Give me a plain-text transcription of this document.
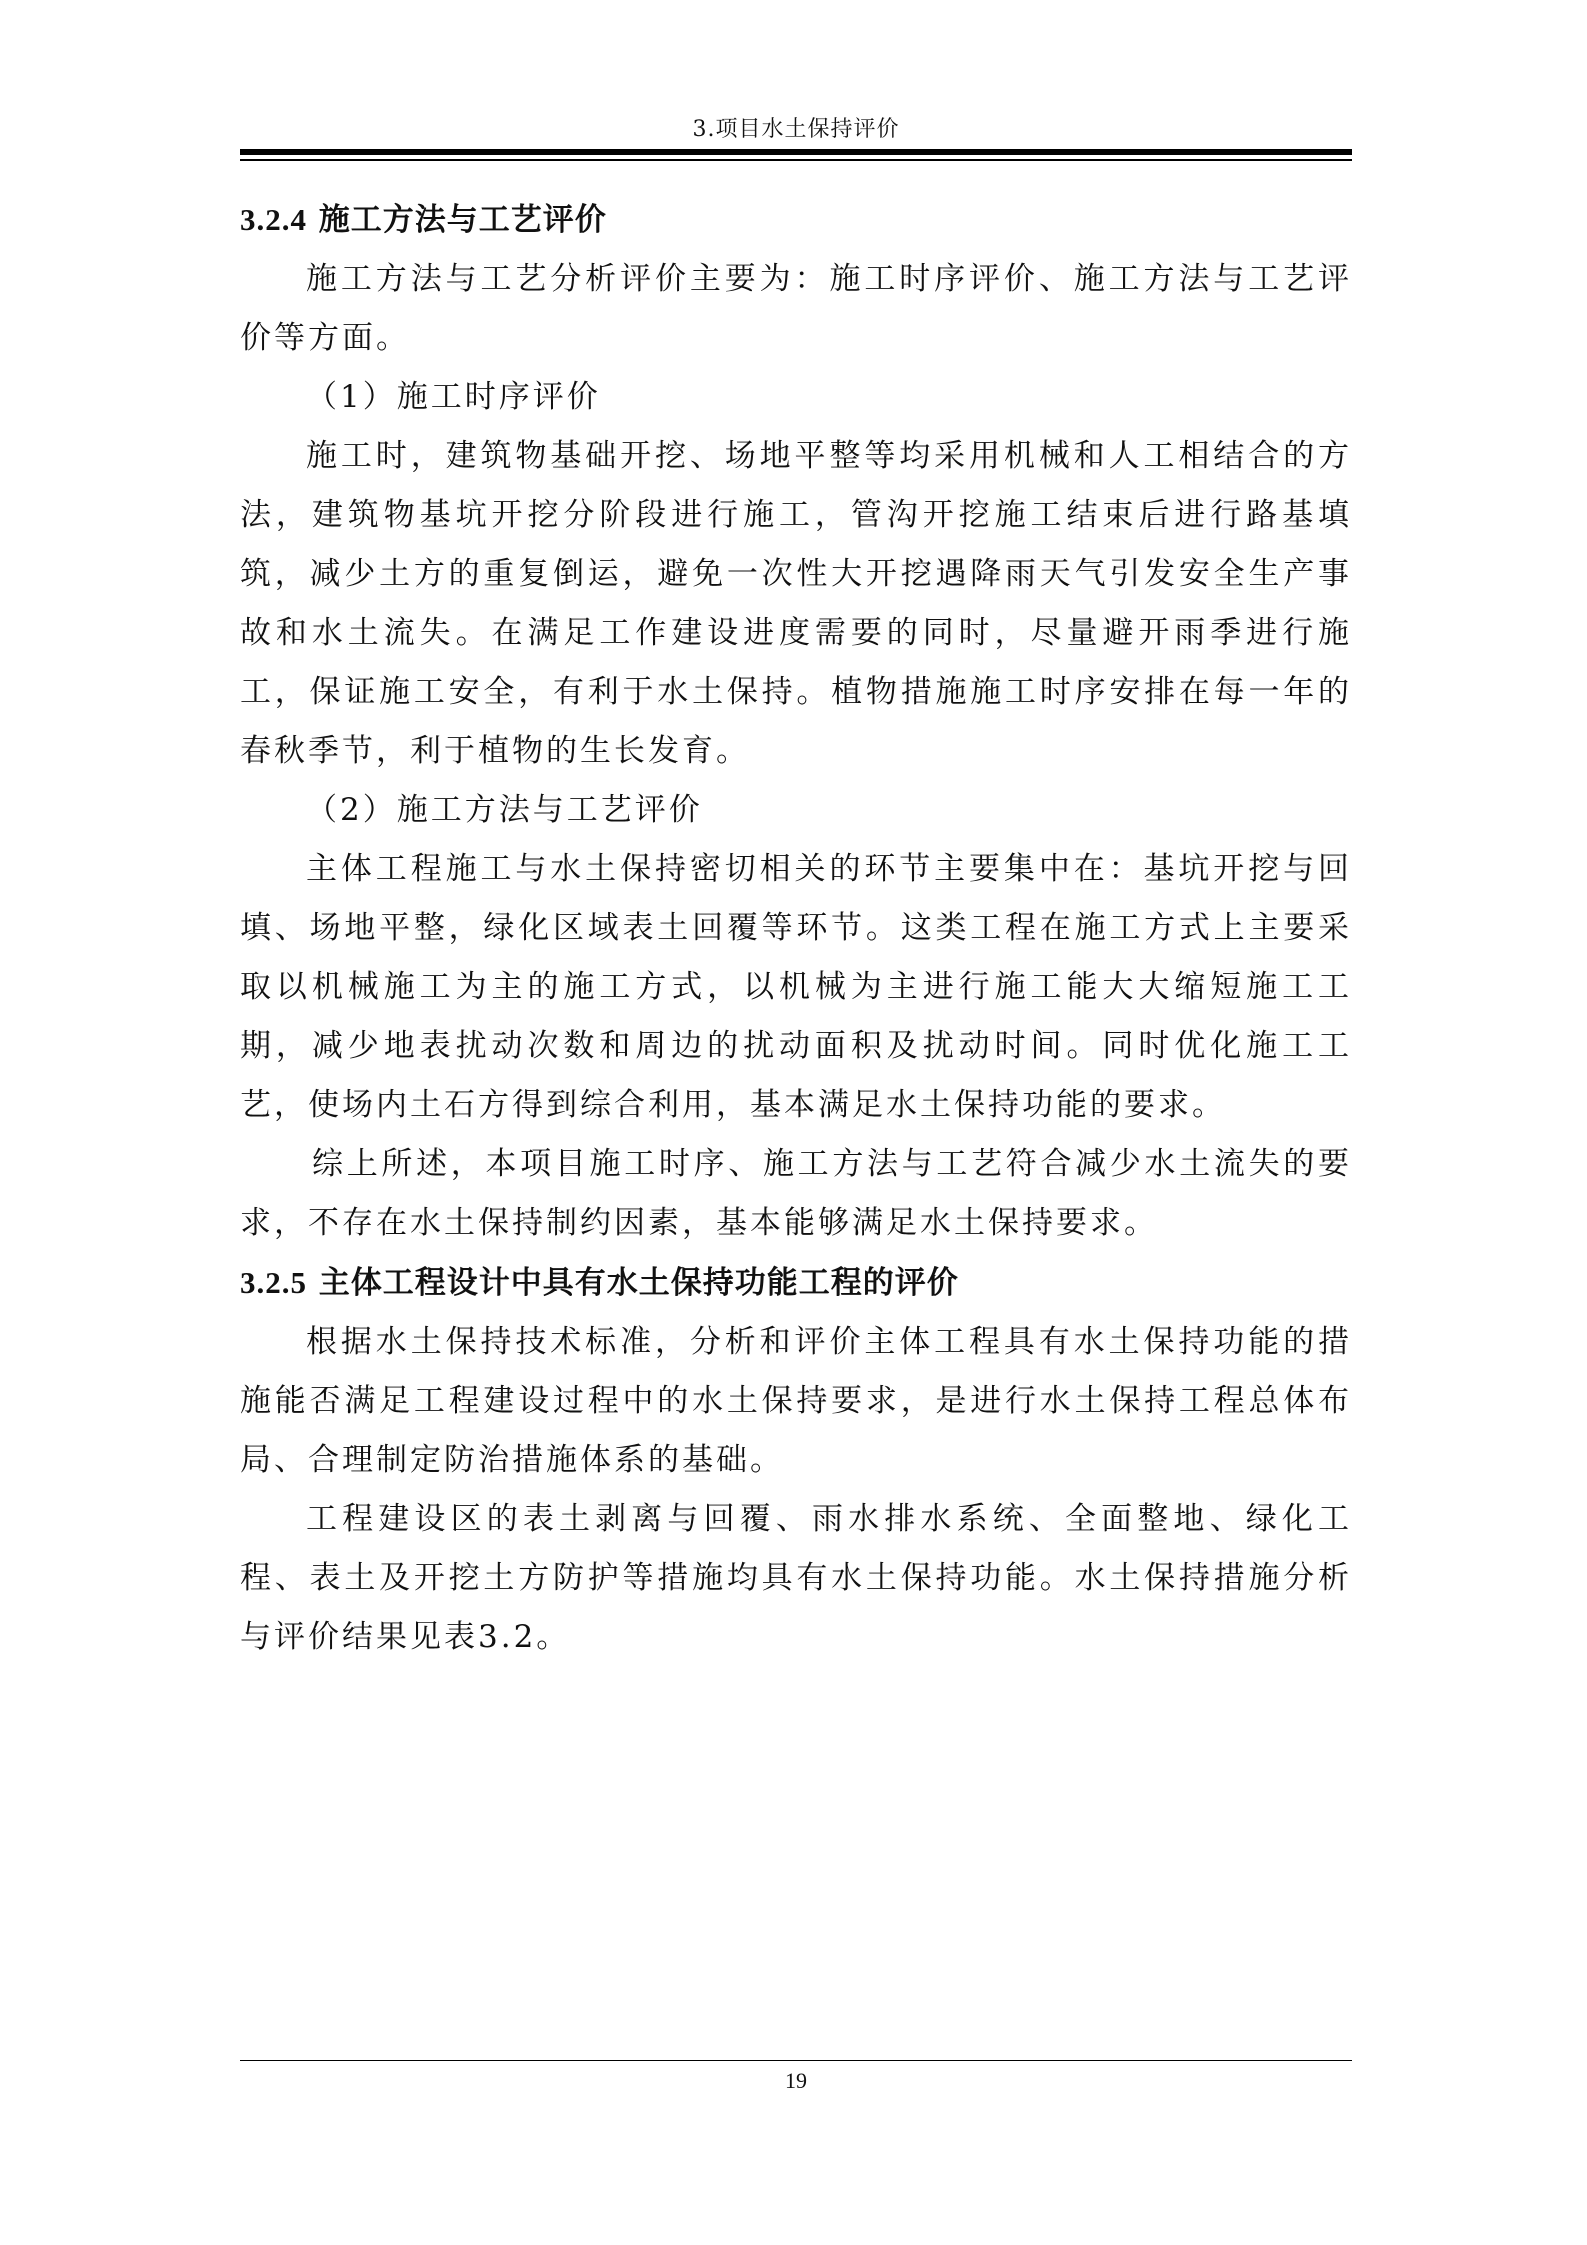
3.项目水土保持评价
3.2.4 施工方法与工艺评价

施工方法与工艺分析评价主要为：施工时序评价、施工方法与工艺评价等方面。

（1）施工时序评价

施工时，建筑物基础开挖、场地平整等均采用机械和人工相结合的方法，建筑物基坑开挖分阶段进行施工，管沟开挖施工结束后进行路基填筑，减少土方的重复倒运，避免一次性大开挖遇降雨天气引发安全生产事故和水土流失。在满足工作建设进度需要的同时，尽量避开雨季进行施工，保证施工安全，有利于水土保持。植物措施施工时序安排在每一年的春秋季节，利于植物的生长发育。

（2）施工方法与工艺评价

主体工程施工与水土保持密切相关的环节主要集中在：基坑开挖与回填、场地平整，绿化区域表土回覆等环节。这类工程在施工方式上主要采取以机械施工为主的施工方式，以机械为主进行施工能大大缩短施工工期，减少地表扰动次数和周边的扰动面积及扰动时间。同时优化施工工艺，使场内土石方得到综合利用，基本满足水土保持功能的要求。

综上所述，本项目施工时序、施工方法与工艺符合减少水土流失的要求，不存在水土保持制约因素，基本能够满足水土保持要求。

3.2.5 主体工程设计中具有水土保持功能工程的评价

根据水土保持技术标准，分析和评价主体工程具有水土保持功能的措施能否满足工程建设过程中的水土保持要求，是进行水土保持工程总体布局、合理制定防治措施体系的基础。

工程建设区的表土剥离与回覆、雨水排水系统、全面整地、绿化工程、表土及开挖土方防护等措施均具有水土保持功能。水土保持措施分析与评价结果见表3.2。

19
